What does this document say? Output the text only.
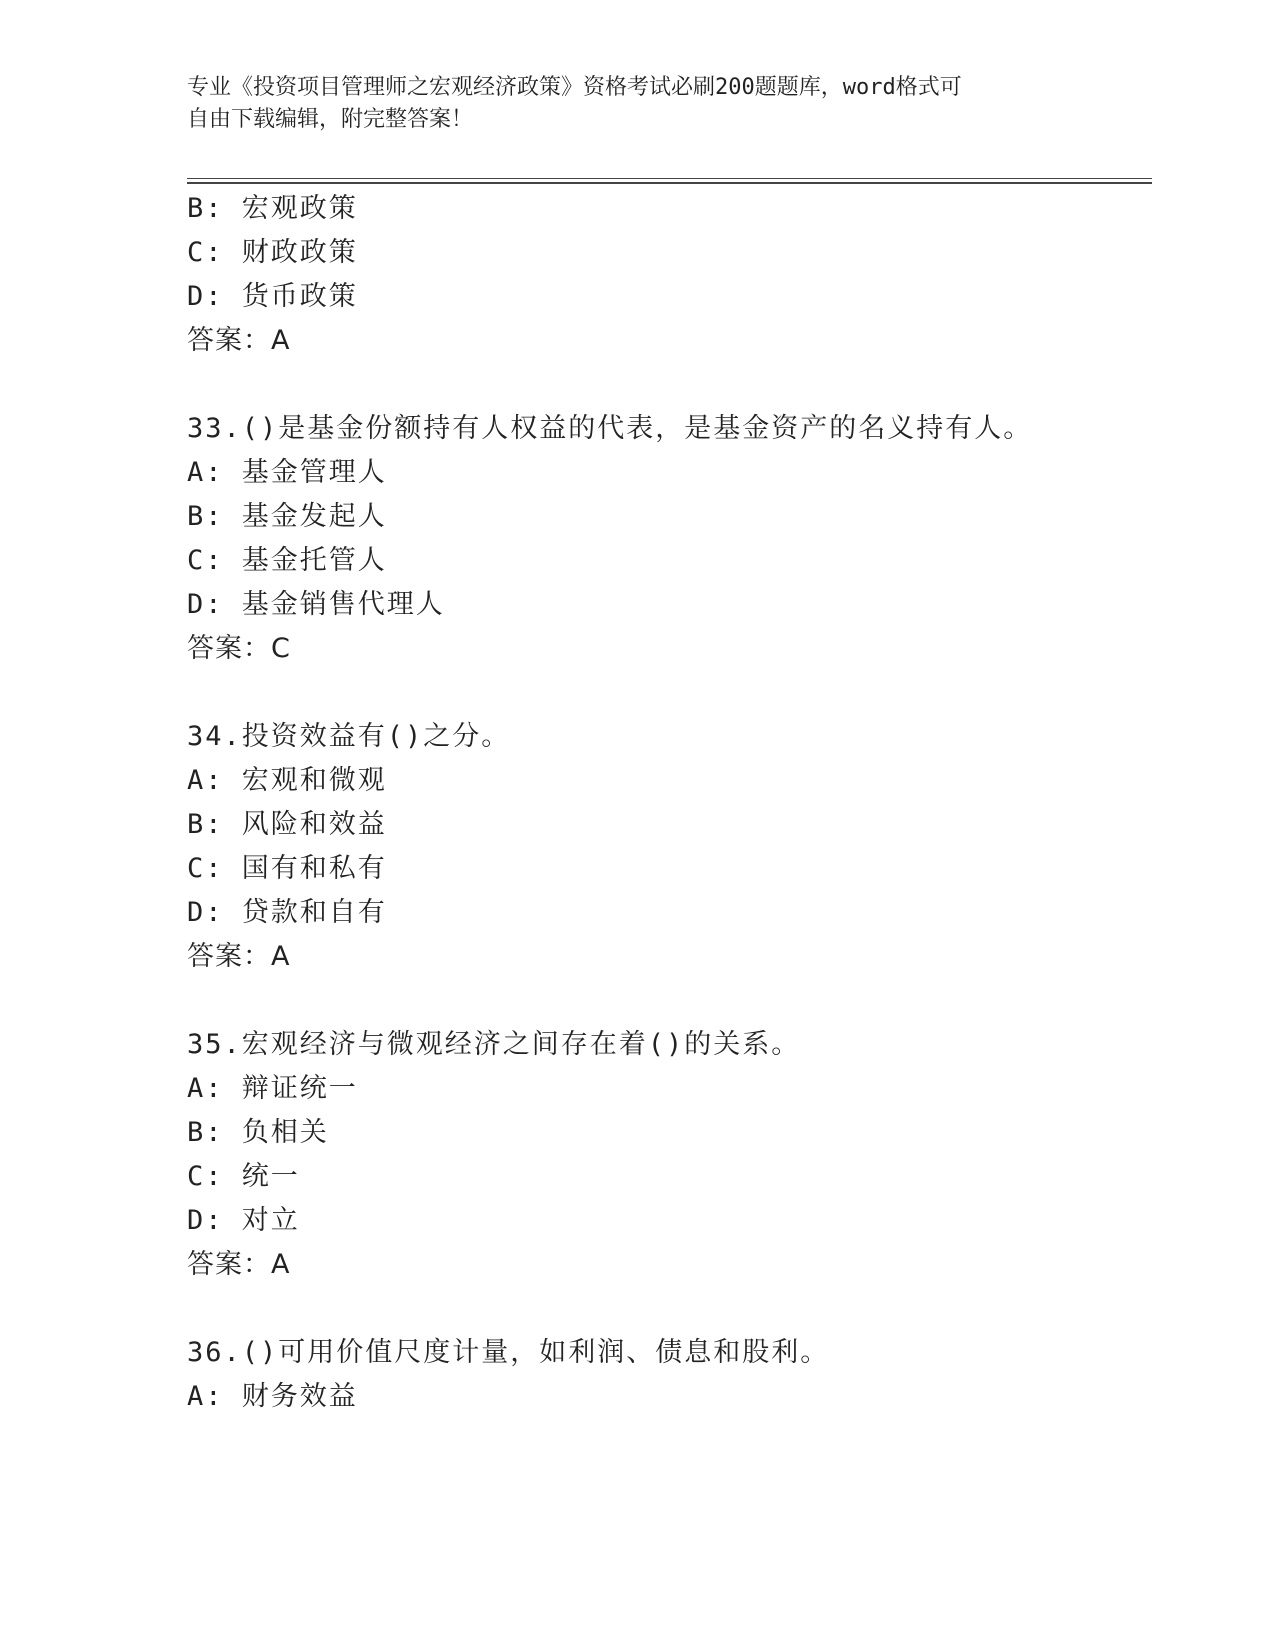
专业《投资项目管理师之宏观经济政策》资格考试必刷200题题库，word格式可
自由下载编辑，附完整答案！
B: 宏观政策
C: 财政政策
D: 货币政策
答案：A
33.()是基金份额持有人权益的代表，是基金资产的名义持有人。
A: 基金管理人
B: 基金发起人
C: 基金托管人
D: 基金销售代理人
答案：C
34.投资效益有()之分。
A: 宏观和微观
B: 风险和效益
C: 国有和私有
D: 贷款和自有
答案：A
35.宏观经济与微观经济之间存在着()的关系。
A: 辩证统一
B: 负相关
C: 统一
D: 对立
答案：A
36.()可用价值尺度计量，如利润、债息和股利。
A: 财务效益
